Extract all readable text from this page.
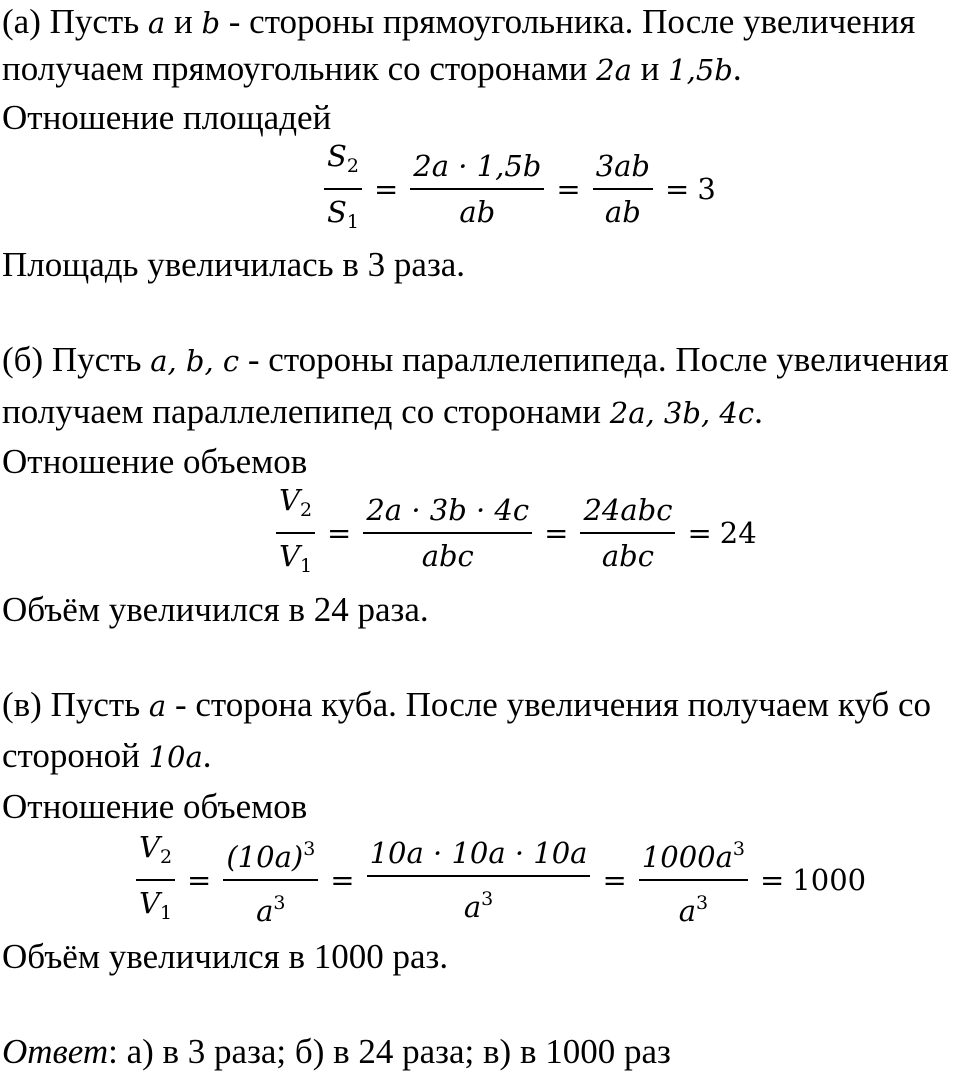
(а) Пусть a и b - стороны прямоугольника. После увеличения
получаем прямоугольник со сторонами 2a и 1,5b.
Отношение площадей
$\frac{S_2}{S_1} = \frac{2a \cdot 1,5b}{ab} = \frac{3ab}{ab} = 3$
Площадь увеличилась в 3 раза.
(б) Пусть a, b, c - стороны параллелепипеда. После увеличения
получаем параллелепипед со сторонами 2a, 3b, 4c.
Отношение объемов
$\frac{V_2}{V_1} = \frac{2a \cdot 3b \cdot 4c}{\text{abc}} = \frac{\text{24abc}}{\text{abc}} = 24$
Объём увеличился в 24 раза.
(в) Пусть a - сторона куба. После увеличения получаем куб со
стороной 10a.
Отношение объемов
$\frac{V_2}{V_1} = \frac{(10a)^3}{a^3} = \frac{10a \cdot 10a \cdot 10a}{a^3} = \frac{1000a^3}{a^3} = 1000$
Объём увеличился в 1000 раз.
Ответ: а) в 3 раза; б) в 24 раза; в) в 1000 раз
